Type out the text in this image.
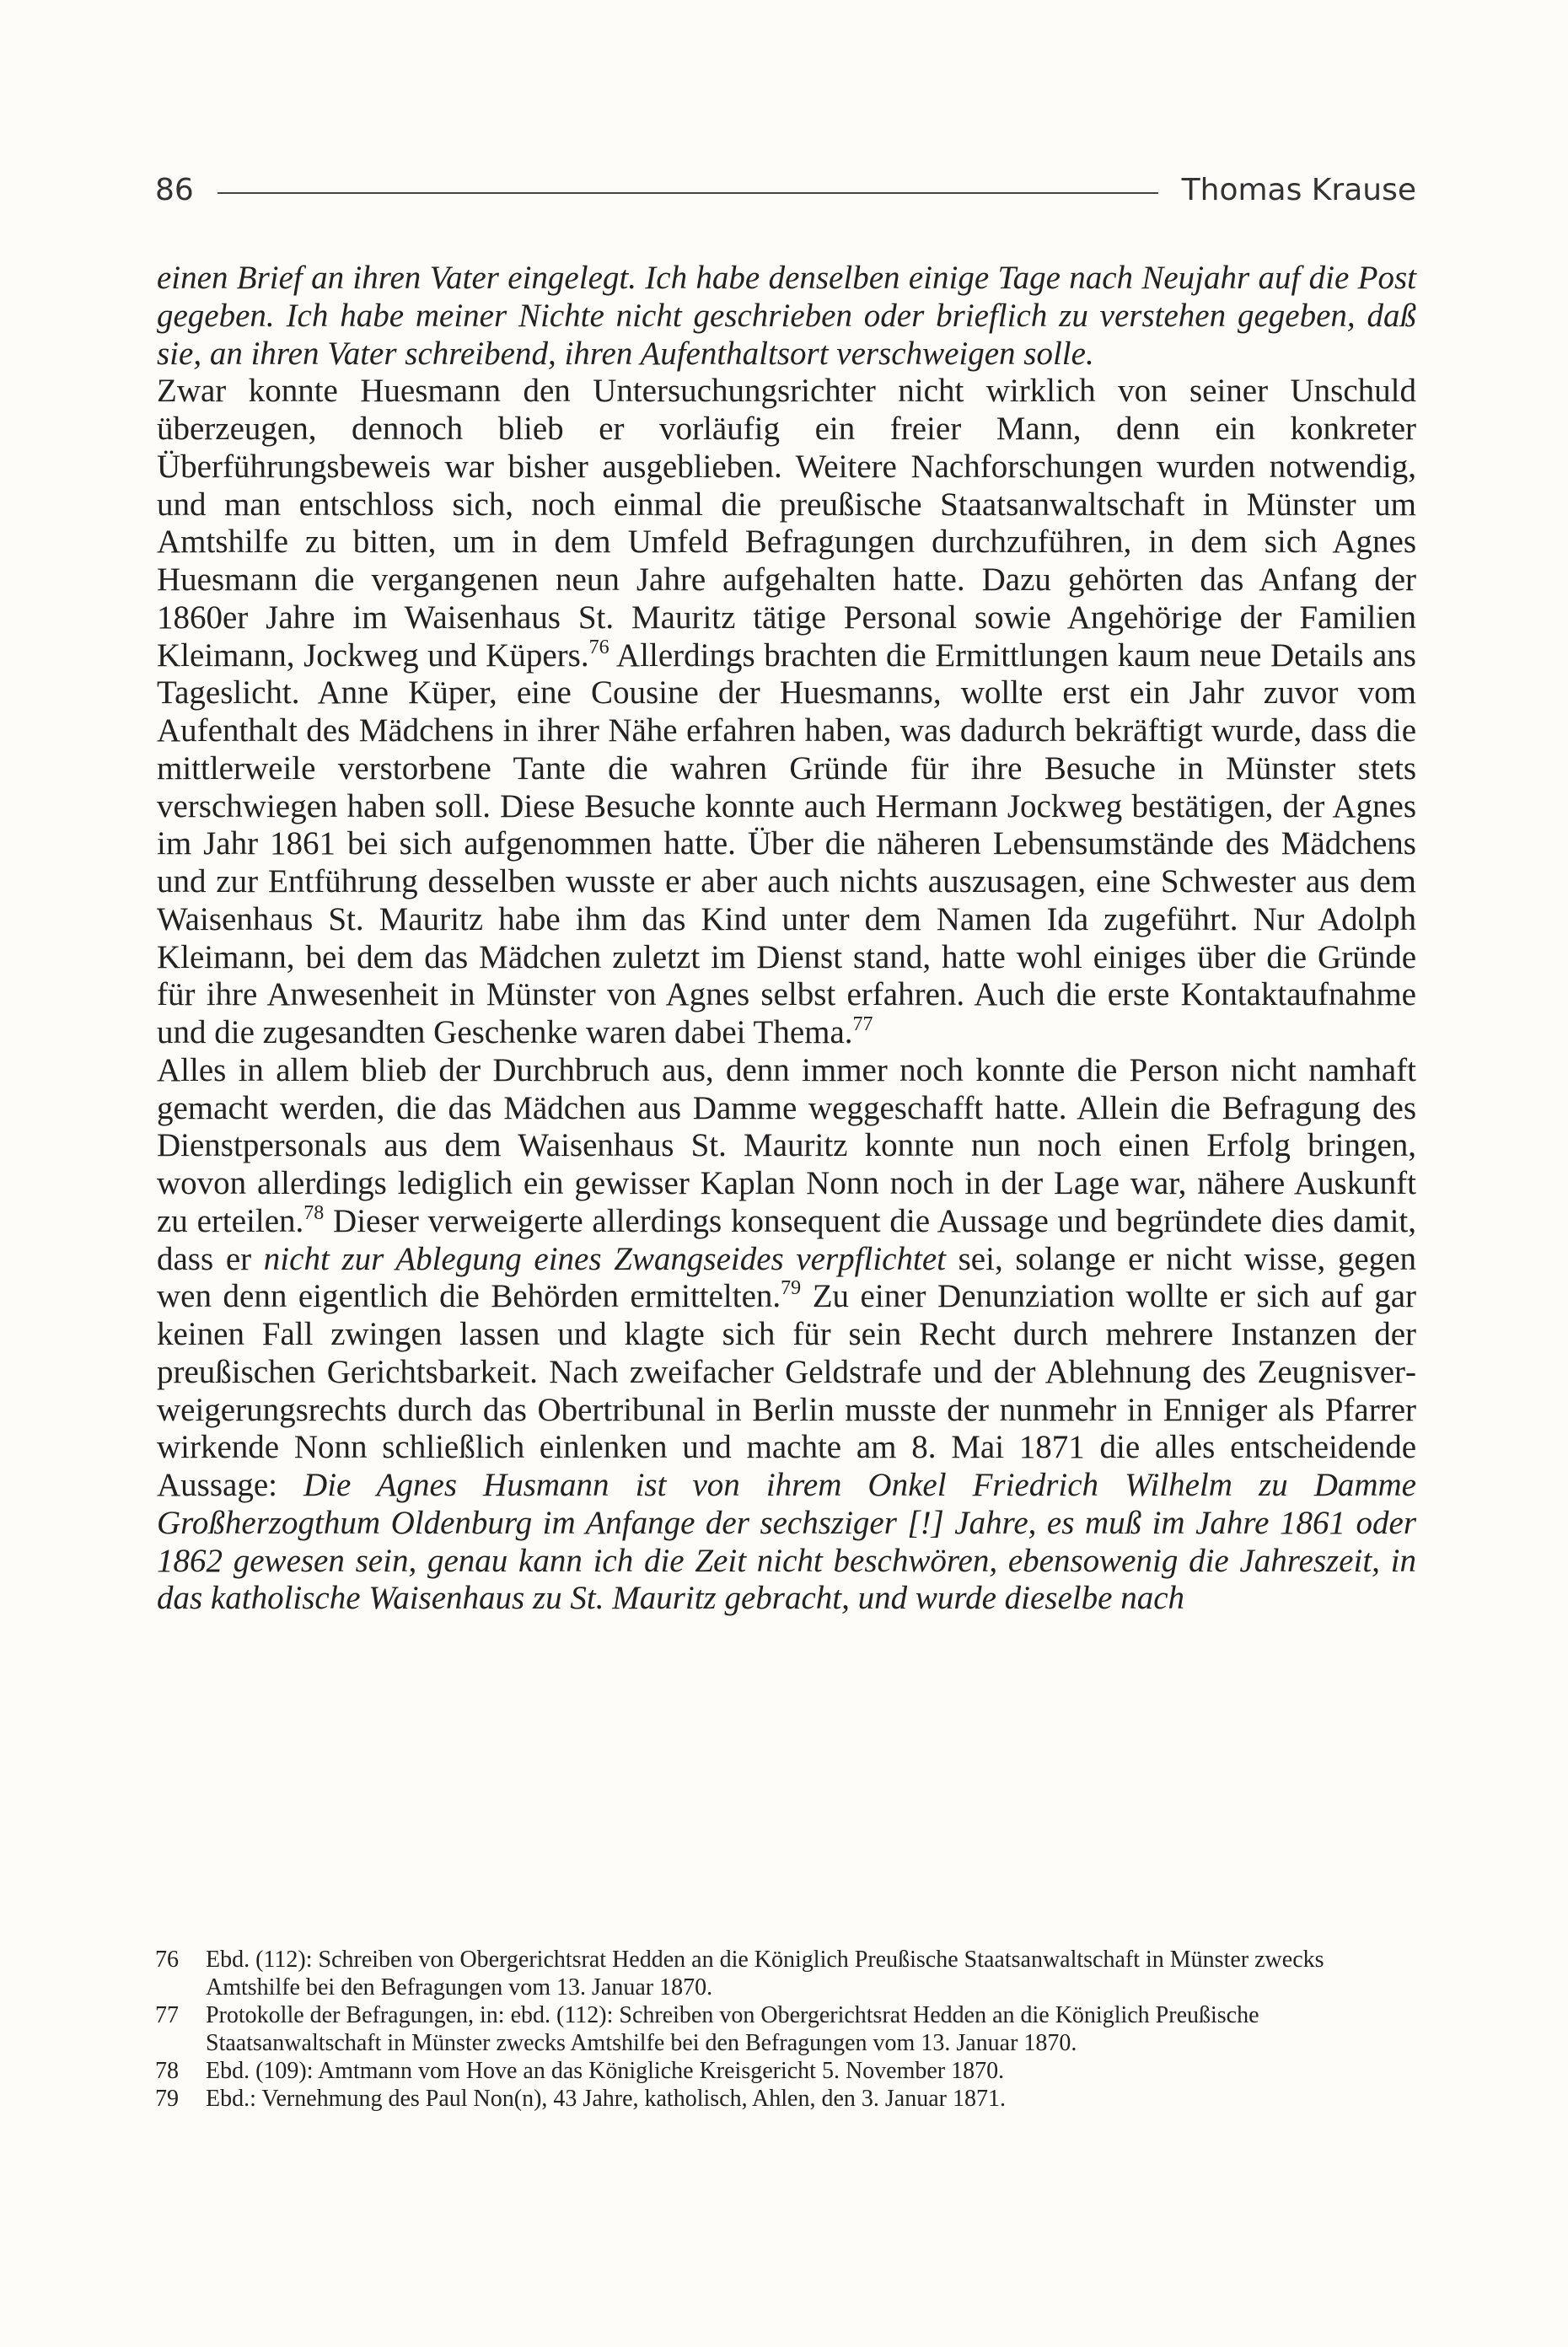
86	Thomas Krause

einen Brief an ihren Vater eingelegt. Ich habe denselben einige Tage nach Neujahr auf die Post gegeben. Ich habe meiner Nichte nicht geschrieben oder brieflich zu verstehen gegeben, daß sie, an ihren Vater schreibend, ihren Aufenthaltsort verschweigen solle.

Zwar konnte Huesmann den Untersuchungsrichter nicht wirklich von seiner Unschuld überzeugen, dennoch blieb er vorläufig ein freier Mann, denn ein konkreter Überführungsbeweis war bisher ausgeblieben. Weitere Nachforschungen wurden notwendig, und man entschloss sich, noch einmal die preußische Staatsanwaltschaft in Münster um Amtshilfe zu bitten, um in dem Umfeld Befragungen durchzuführen, in dem sich Agnes Huesmann die vergangenen neun Jahre aufgehalten hatte. Dazu gehörten das Anfang der 1860er Jahre im Waisenhaus St. Mauritz tätige Personal sowie Angehörige der Familien Kleimann, Jockweg und Küpers.$^{76}$ Allerdings brachten die Ermittlungen kaum neue Details ans Tageslicht. Anne Küper, eine Cousine der Huesmanns, wollte erst ein Jahr zuvor vom Aufenthalt des Mädchens in ihrer Nähe erfahren haben, was dadurch bekräftigt wurde, dass die mittlerweile verstorbene Tante die wahren Gründe für ihre Besuche in Münster stets verschwiegen haben soll. Diese Besuche konnte auch Hermann Jockweg bestätigen, der Agnes im Jahr 1861 bei sich aufgenommen hatte. Über die näheren Lebensumstände des Mädchens und zur Entführung desselben wusste er aber auch nichts auszusagen, eine Schwester aus dem Waisenhaus St. Mauritz habe ihm das Kind unter dem Namen Ida zugeführt. Nur Adolph Kleimann, bei dem das Mädchen zuletzt im Dienst stand, hatte wohl einiges über die Gründe für ihre Anwesenheit in Münster von Agnes selbst erfahren. Auch die erste Kontaktaufnahme und die zugesandten Geschenke waren dabei Thema.$^{77}$

Alles in allem blieb der Durchbruch aus, denn immer noch konnte die Person nicht namhaft gemacht werden, die das Mädchen aus Damme weggeschafft hatte. Allein die Befragung des Dienstpersonals aus dem Waisenhaus St. Mauritz konnte nun noch einen Erfolg bringen, wovon allerdings lediglich ein gewisser Kaplan Nonn noch in der Lage war, nähere Auskunft zu erteilen.$^{78}$ Dieser verweigerte allerdings konsequent die Aussage und begründete dies damit, dass er nicht zur Ablegung eines Zwangseides verpflichtet sei, solange er nicht wisse, gegen wen denn eigentlich die Behörden ermittelten.$^{79}$ Zu einer Denunziation wollte er sich auf gar keinen Fall zwingen lassen und klagte sich für sein Recht durch mehrere Instanzen der preußischen Gerichtsbarkeit. Nach zweifacher Geldstrafe und der Ablehnung des Zeugnisverweigerungsrechts durch das Obertribunal in Berlin musste der nunmehr in Enniger als Pfarrer wirkende Nonn schließlich einlenken und machte am 8. Mai 1871 die alles entscheidende Aussage: Die Agnes Husmann ist von ihrem Onkel Friedrich Wilhelm zu Damme Großherzogthum Oldenburg im Anfange der sechsziger [!] Jahre, es muß im Jahre 1861 oder 1862 gewesen sein, genau kann ich die Zeit nicht beschwören, ebensowenig die Jahreszeit, in das katholische Waisenhaus zu St. Mauritz gebracht, und wurde dieselbe nach

76	Ebd. (112): Schreiben von Obergerichtsrat Hedden an die Königlich Preußische Staatsanwaltschaft in Münster zwecks Amtshilfe bei den Befragungen vom 13. Januar 1870.
77	Protokolle der Befragungen, in: ebd. (112): Schreiben von Obergerichtsrat Hedden an die Königlich Preußische Staatsanwaltschaft in Münster zwecks Amtshilfe bei den Befragungen vom 13. Januar 1870.
78	Ebd. (109): Amtmann vom Hove an das Königliche Kreisgericht 5. November 1870.
79	Ebd.: Vernehmung des Paul Non(n), 43 Jahre, katholisch, Ahlen, den 3. Januar 1871.
